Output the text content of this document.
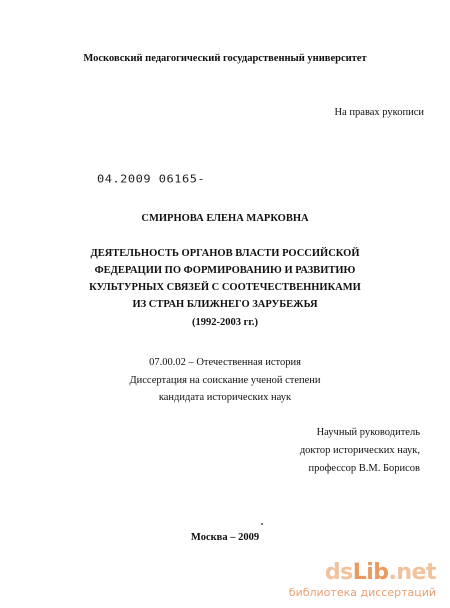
Московский педагогический государственный университет
На правах рукописи
04.2009 06165-
СМИРНОВА ЕЛЕНА МАРКОВНА
ДЕЯТЕЛЬНОСТЬ ОРГАНОВ ВЛАСТИ РОССИЙСКОЙ
ФЕДЕРАЦИИ ПО ФОРМИРОВАНИЮ И РАЗВИТИЮ
КУЛЬТУРНЫХ СВЯЗЕЙ С СООТЕЧЕСТВЕННИКАМИ
ИЗ СТРАН БЛИЖНЕГО ЗАРУБЕЖЬЯ
(1992-2003 гг.)
07.00.02 – Отечественная история
Диссертация на соискание ученой степени
кандидата исторических наук
Научный руководитель
доктор исторических наук,
профессор В.М. Борисов
Москва – 2009
dsLib.net
библиотека диссертаций
